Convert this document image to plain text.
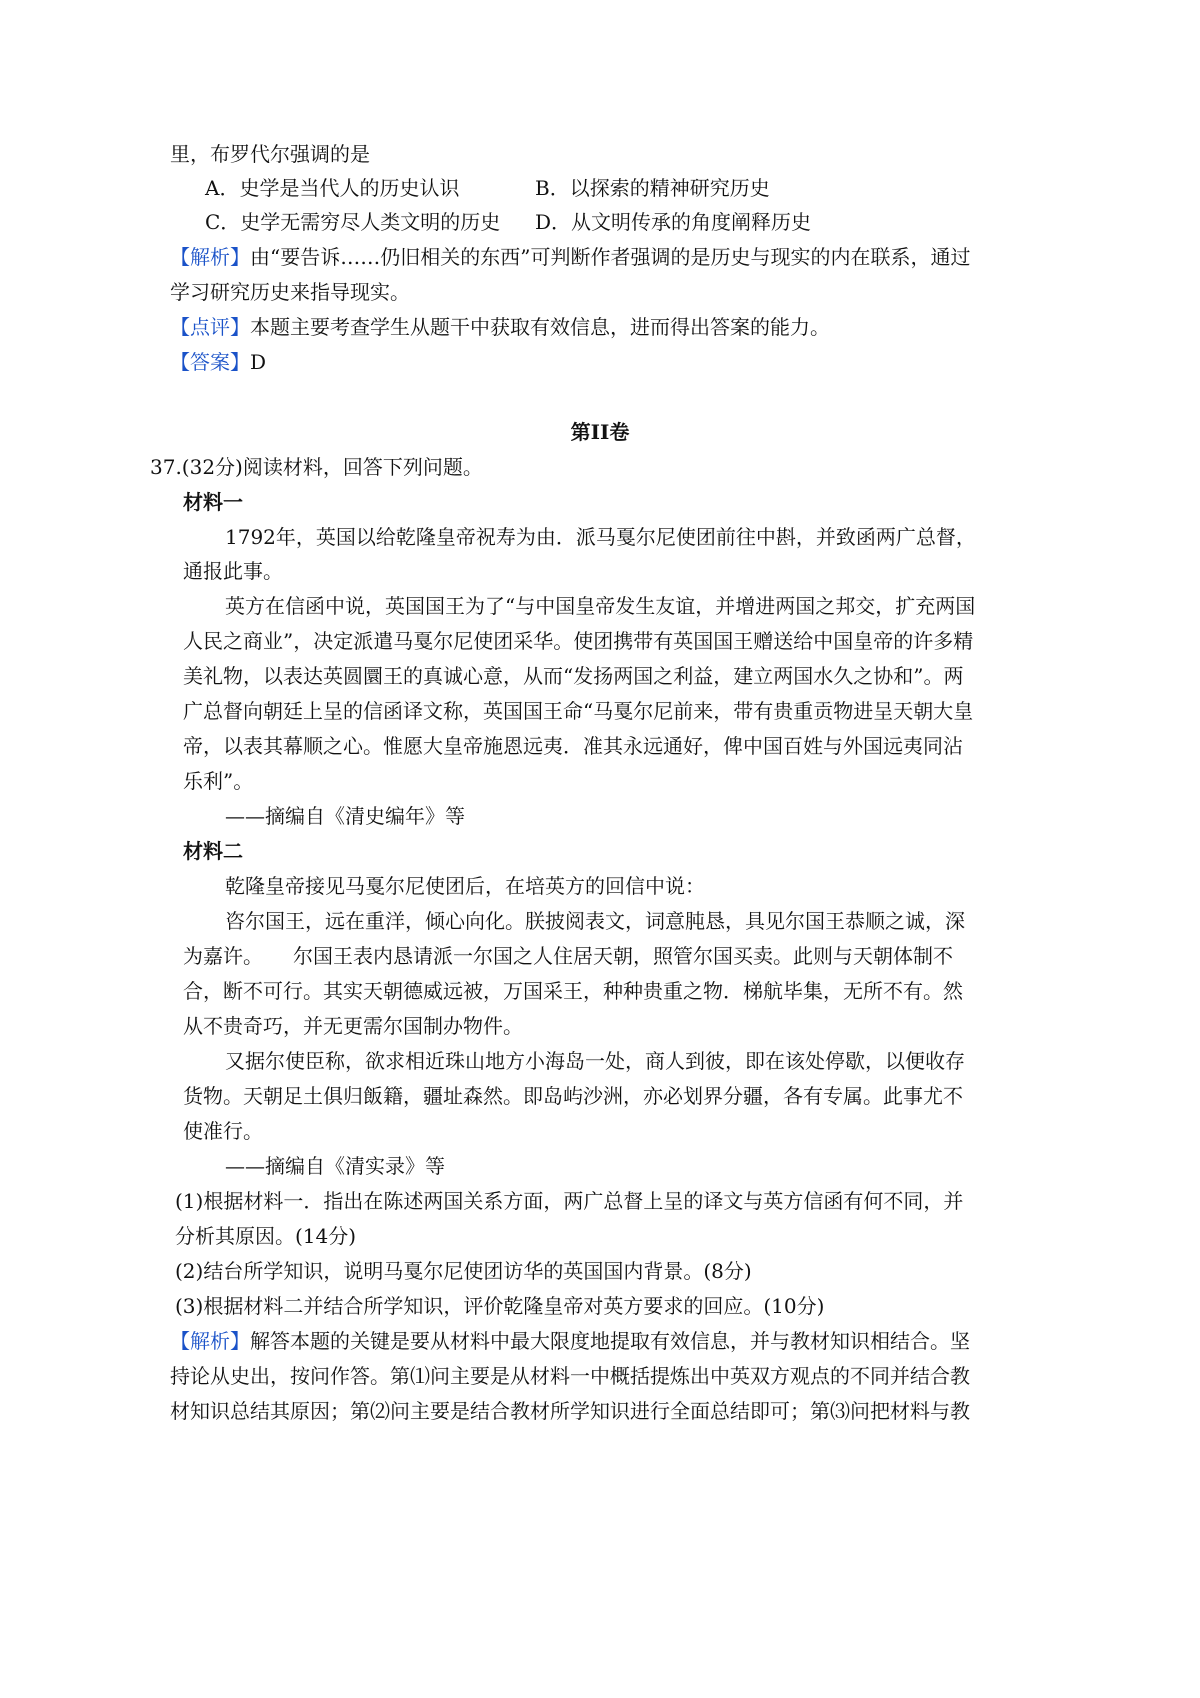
里，布罗代尔强调的是
A．史学是当代人的历史认识	B．以探索的精神研究历史
C．史学无需穷尽人类文明的历史 D．从文明传承的角度阐释历史
【解析】由“要告诉……仍旧相关的东西”可判断作者强调的是历史与现实的内在联系，通过
学习研究历史来指导现实。
【点评】本题主要考查学生从题干中获取有效信息，进而得出答案的能力。
【答案】D
第II卷
37.(32分)阅读材料，回答下列问题。
材料一
1792年，英国以给乾隆皇帝祝寿为由．派马戛尔尼使团前往中斟，并致函两广总督，
通报此事。
英方在信函中说，英国国王为了“与中国皇帝发生友谊，并增进两国之邦交，扩充两国
人民之商业”，决定派遣马戛尔尼使团采华。使团携带有英国国王赠送给中国皇帝的许多精
美礼物，以表达英圆圜王的真诚心意，从而“发扬两国之利益，建立两国水久之协和”。两
广总督向朝廷上呈的信函译文称，英国国王命“马戛尔尼前来，带有贵重贡物进呈天朝大皇
帝，以表其幕顺之心。惟愿大皇帝施恩远夷．准其永远通好，俾中国百姓与外国远夷同沾
乐利”。
——摘编自《清史编年》等
材料二
乾隆皇帝接见马戛尔尼使团后，在培英方的回信中说：
咨尔国王，远在重洋，倾心向化。朕披阅表文，词意肫恳，具见尔国王恭顺之诚，深
为嘉许。　　尔国王表内恳请派一尔国之人住居天朝，照管尔国买卖。此则与天朝体制不
合，断不可行。其实天朝德威远被，万国采王，种种贵重之物．梯航毕集，无所不有。然
从不贵奇巧，并无更需尔国制办物件。
又据尔使臣称，欲求相近珠山地方小海岛一处，商人到彼，即在该处停歇，以便收存
货物。天朝足土俱归飯籍，疆址森然。即岛屿沙洲，亦必划界分疆，各有专属。此事尤不
使准行。
——摘编自《清实录》等
(1)根据材料一．指出在陈述两国关系方面，两广总督上呈的译文与英方信函有何不同，并
分析其原因。(14分)
(2)结台所学知识，说明马戛尔尼使团访华的英国国内背景。(8分)
(3)根据材料二并结合所学知识，评价乾隆皇帝对英方要求的回应。(10分)
【解析】解答本题的关键是要从材料中最大限度地提取有效信息，并与教材知识相结合。坚
持论从史出，按问作答。第⑴问主要是从材料一中概括提炼出中英双方观点的不同并结合教
材知识总结其原因；第⑵问主要是结合教材所学知识进行全面总结即可；第⑶问把材料与教
